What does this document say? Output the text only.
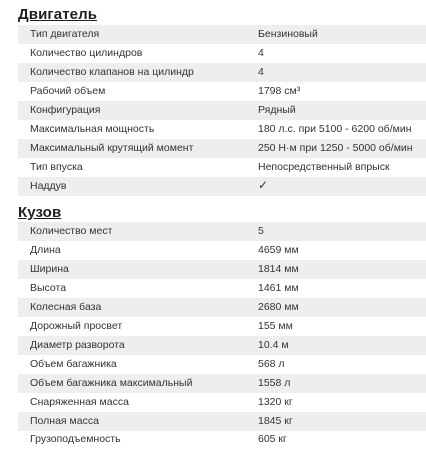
Двигатель
Тип двигателя	Бензиновый
Количество цилиндров	4
Количество клапанов на цилиндр	4
Рабочий объем	1798 см³
Конфигурация	Рядный
Максимальная мощность	180 л.с. при 5100 - 6200 об/мин
Максимальный крутящий момент	250 Н·м при 1250 - 5000 об/мин
Тип впуска	Непосредственный впрыск
Наддув	✓
Кузов
Количество мест	5
Длина	4659 мм
Ширина	1814 мм
Высота	1461 мм
Колесная база	2680 мм
Дорожный просвет	155 мм
Диаметр разворота	10.4 м
Объем багажника	568 л
Объем багажника максимальный	1558 л
Снаряженная масса	1320 кг
Полная масса	1845 кг
Грузоподъемность	605 кг
